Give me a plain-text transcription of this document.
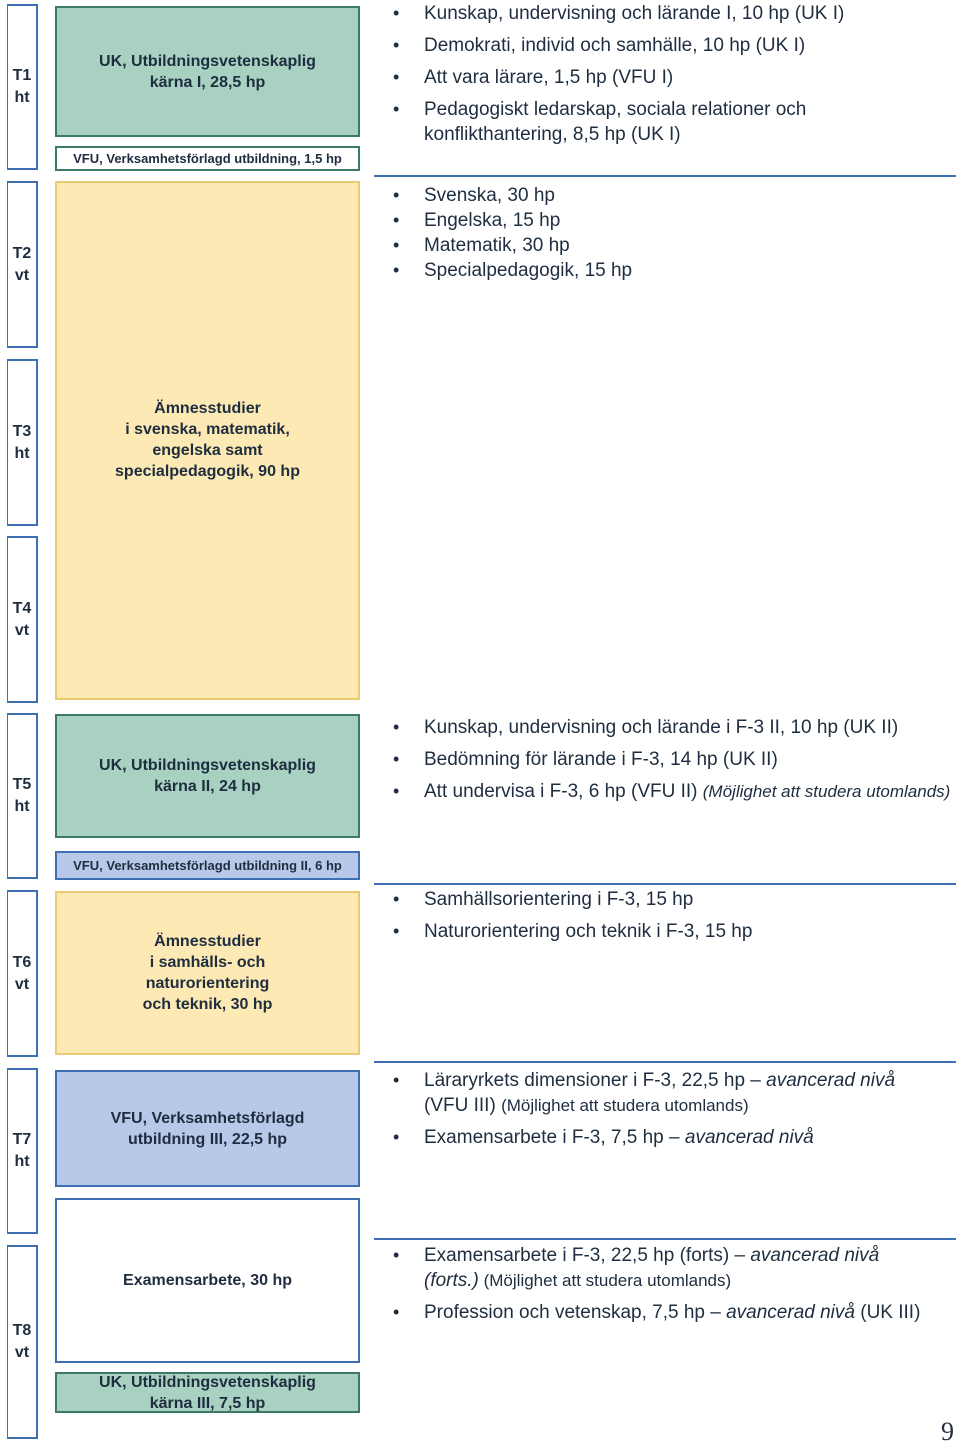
T1
ht
T2
vt
T3
ht
T4
vt
T5
ht
T6
vt
T7
ht
T8
vt
UK, Utbildningsvetenskaplig
kärna I, 28,5 hp
VFU, Verksamhetsförlagd utbildning, 1,5 hp
Ämnesstudier
i svenska, matematik,
engelska samt
specialpedagogik, 90 hp
UK, Utbildningsvetenskaplig
kärna II, 24 hp
VFU, Verksamhetsförlagd utbildning II, 6 hp
Ämnesstudier
i samhälls- och
naturorientering
och teknik, 30 hp
VFU, Verksamhetsförlagd
utbildning III, 22,5 hp
Examensarbete, 30 hp
UK, Utbildningsvetenskaplig
kärna III, 7,5 hp
• Kunskap, undervisning och lärande I, 10 hp (UK I)
• Demokrati, individ och samhälle, 10 hp (UK I)
• Att vara lärare, 1,5 hp (VFU I)
• Pedagogiskt ledarskap, sociala relationer och konflikthantering, 8,5 hp (UK I)
• Svenska, 30 hp
• Engelska, 15 hp
• Matematik, 30 hp
• Specialpedagogik, 15 hp
• Kunskap, undervisning och lärande i F-3 II, 10 hp (UK II)
• Bedömning för lärande i F-3, 14 hp (UK II)
• Att undervisa i F-3, 6 hp (VFU II) (Möjlighet att studera utomlands)
• Samhällsorientering i F-3, 15 hp
• Naturorientering och teknik i F-3, 15 hp
• Läraryrkets dimensioner i F-3, 22,5 hp – avancerad nivå (VFU III) (Möjlighet att studera utomlands)
• Examensarbete i F-3, 7,5 hp – avancerad nivå
• Examensarbete i F-3, 22,5 hp (forts) – avancerad nivå (forts.) (Möjlighet att studera utomlands)
• Profession och vetenskap, 7,5 hp – avancerad nivå (UK III)
9
